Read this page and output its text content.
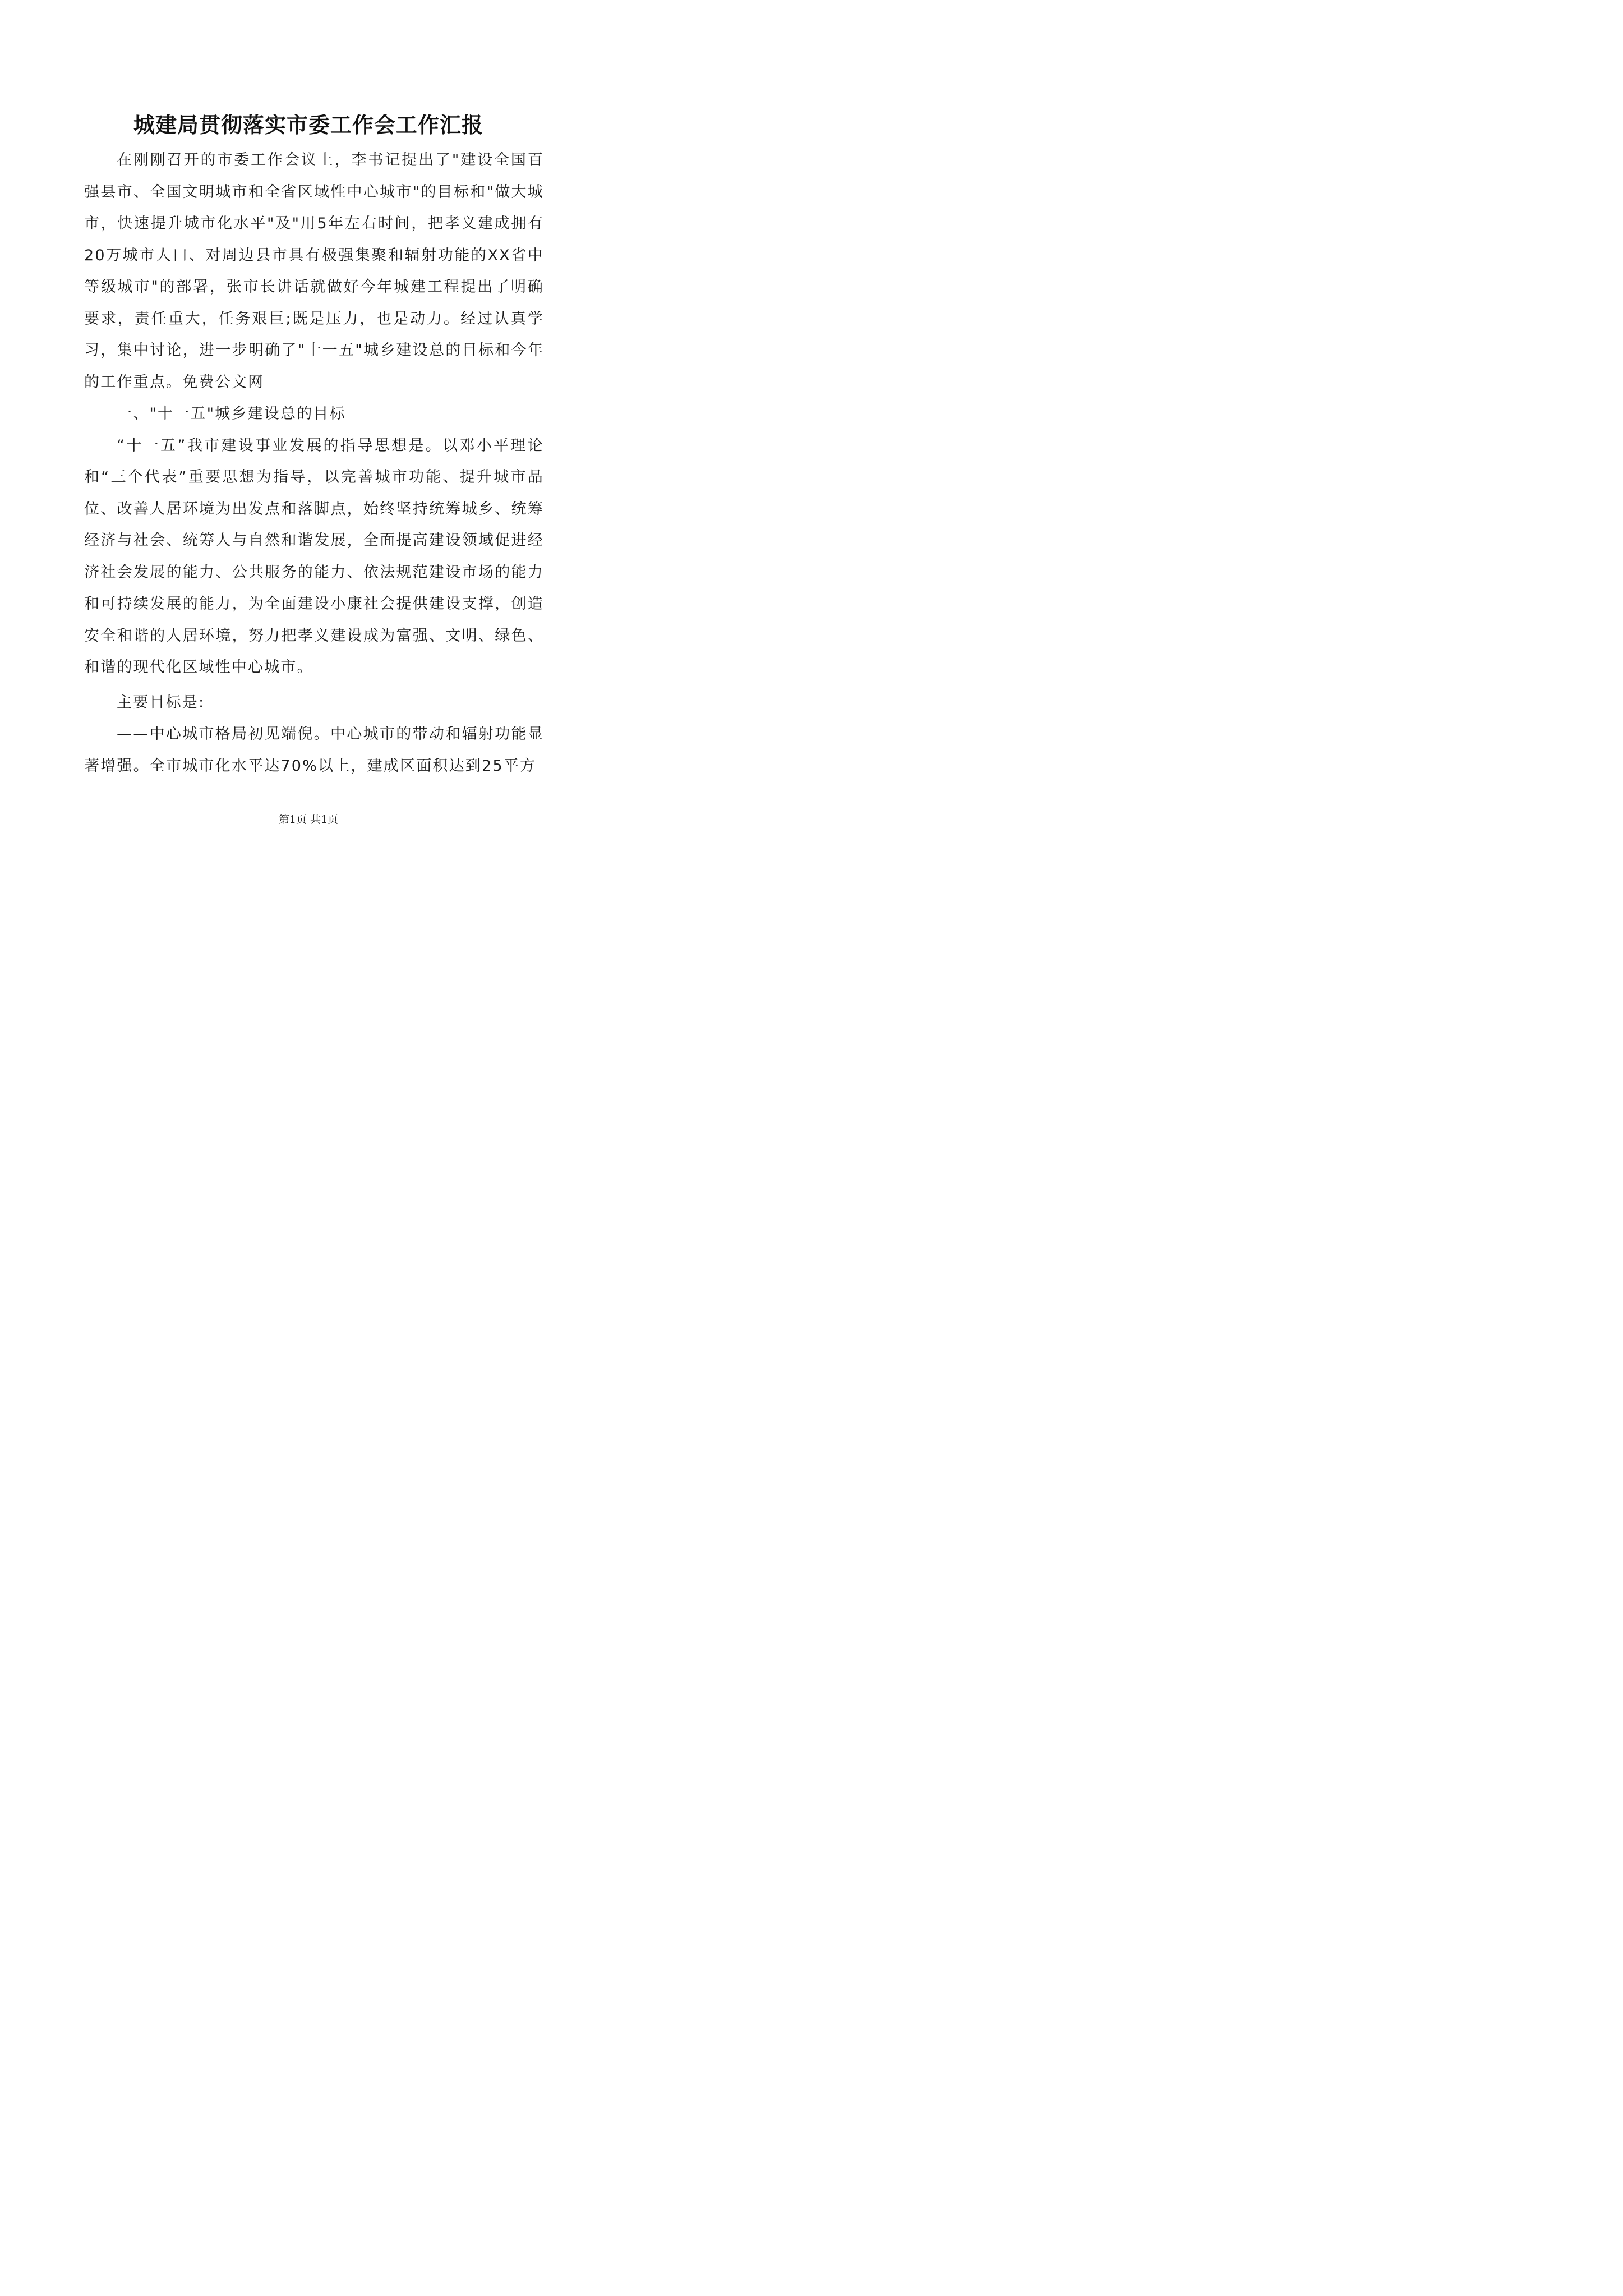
城建局贯彻落实市委工作会工作汇报

在刚刚召开的市委工作会议上，李书记提出了"建设全国百强县市、全国文明城市和全省区域性中心城市"的目标和"做大城市，快速提升城市化水平"及"用5年左右时间，把孝义建成拥有20万城市人口、对周边县市具有极强集聚和辐射功能的XX省中等级城市"的部署，张市长讲话就做好今年城建工程提出了明确要求，责任重大，任务艰巨;既是压力，也是动力。经过认真学习，集中讨论，进一步明确了"十一五"城乡建设总的目标和今年的工作重点。免费公文网

一、"十一五"城乡建设总的目标

“十一五”我市建设事业发展的指导思想是。以邓小平理论和“三个代表”重要思想为指导，以完善城市功能、提升城市品位、改善人居环境为出发点和落脚点，始终坚持统筹城乡、统筹经济与社会、统筹人与自然和谐发展，全面提高建设领域促进经济社会发展的能力、公共服务的能力、依法规范建设市场的能力和可持续发展的能力，为全面建设小康社会提供建设支撑，创造安全和谐的人居环境，努力把孝义建设成为富强、文明、绿色、和谐的现代化区域性中心城市。

主要目标是:

——中心城市格局初见端倪。中心城市的带动和辐射功能显著增强。全市城市化水平达70%以上，建成区面积达到25平方

第1页 共1页
